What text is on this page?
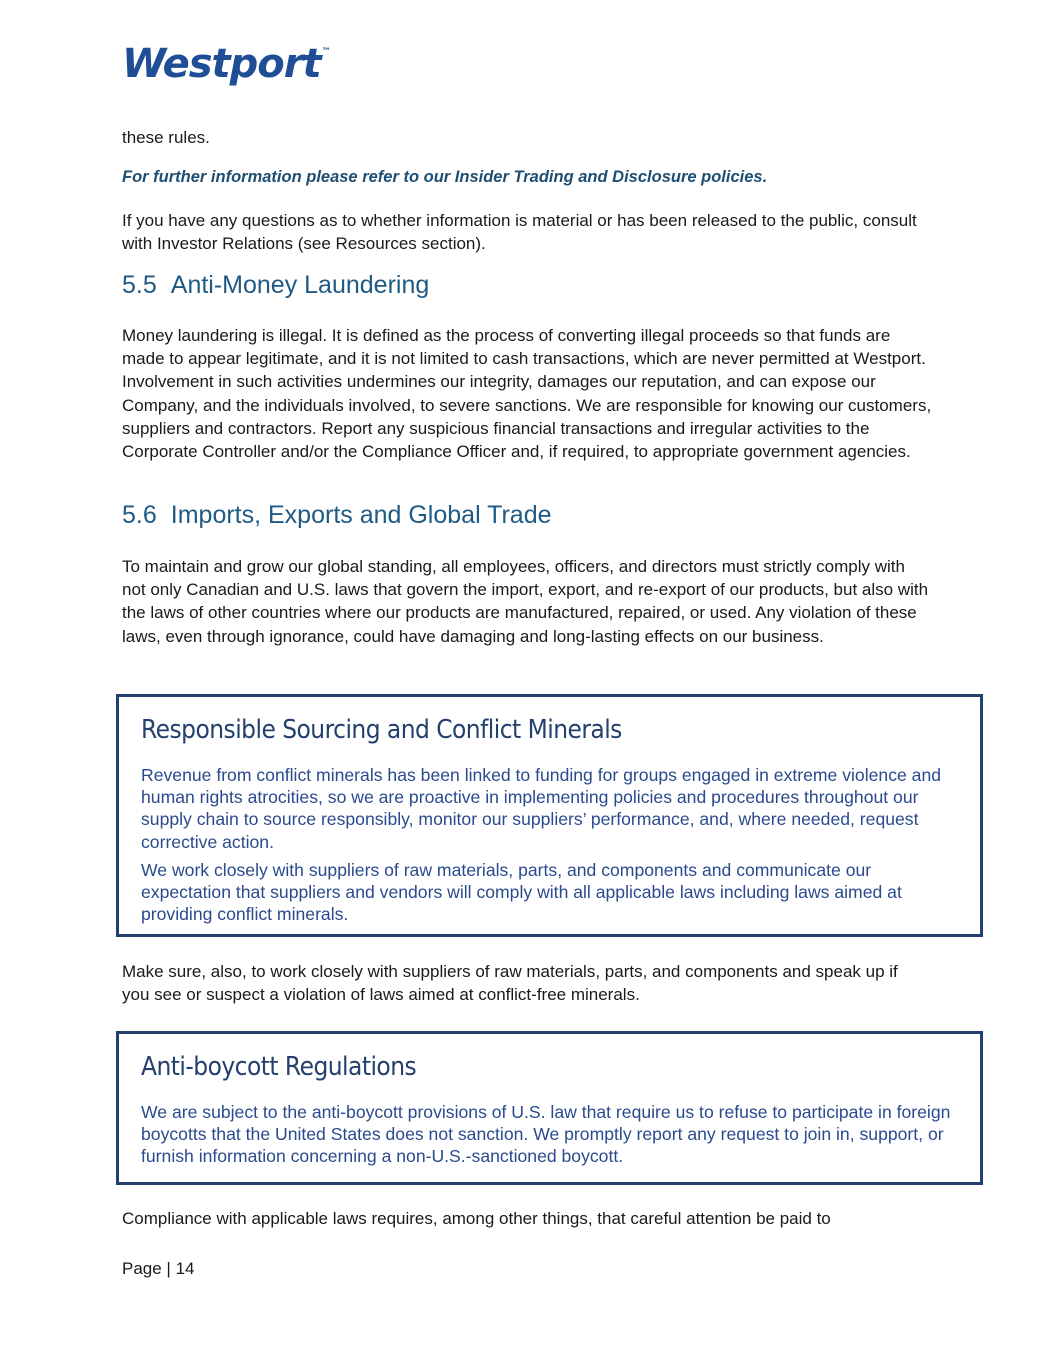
Westport™

these rules.

For further information please refer to our Insider Trading and Disclosure policies.

If you have any questions as to whether information is material or has been released to the public, consult with Investor Relations (see Resources section).

5.5 Anti-Money Laundering

Money laundering is illegal. It is defined as the process of converting illegal proceeds so that funds are made to appear legitimate, and it is not limited to cash transactions, which are never permitted at Westport. Involvement in such activities undermines our integrity, damages our reputation, and can expose our Company, and the individuals involved, to severe sanctions. We are responsible for knowing our customers, suppliers and contractors. Report any suspicious financial transactions and irregular activities to the Corporate Controller and/or the Compliance Officer and, if required, to appropriate government agencies.

5.6 Imports, Exports and Global Trade

To maintain and grow our global standing, all employees, officers, and directors must strictly comply with not only Canadian and U.S. laws that govern the import, export, and re-export of our products, but also with the laws of other countries where our products are manufactured, repaired, or used. Any violation of these laws, even through ignorance, could have damaging and long-lasting effects on our business.

Make sure, also, to work closely with suppliers of raw materials, parts, and components and speak up if you see or suspect a violation of laws aimed at conflict-free minerals.

Compliance with applicable laws requires, among other things, that careful attention be paid to

Responsible Sourcing and Conflict Minerals

Revenue from conflict minerals has been linked to funding for groups engaged in extreme violence and human rights atrocities, so we are proactive in implementing policies and procedures throughout our supply chain to source responsibly, monitor our suppliers’ performance, and, where needed, request corrective action.

We work closely with suppliers of raw materials, parts, and components and communicate our expectation that suppliers and vendors will comply with all applicable laws including laws aimed at providing conflict minerals.

Anti-boycott Regulations

We are subject to the anti-boycott provisions of U.S. law that require us to refuse to participate in foreign boycotts that the United States does not sanction. We promptly report any request to join in, support, or furnish information concerning a non-U.S.-sanctioned boycott.

Page | 14
